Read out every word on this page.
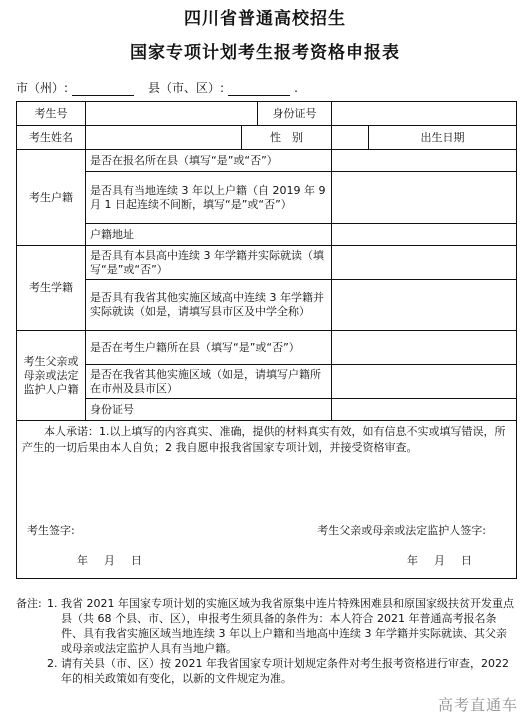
四川省普通高校招生
国家专项计划考生报考资格申报表
市（州）:	县（市、区）:	.
考生号			身份证号		
考生姓名		性　别			出生日期
考生户籍	是否在报名所在县（填写“是”或“否”）				
	是否具有当地连续 3 年以上户籍（自 2019 年 9 月 1 日起连续不间断，填写“是”或“否”）				
	户籍地址				
考生学籍	是否具有本县高中连续 3 年学籍并实际就读（填写“是”或“否”）				
	是否具有我省其他实施区域高中连续 3 年学籍并实际就读（如是，请填写县市区及中学全称）				
考生父亲或母亲或法定监护人户籍	是否在考生户籍所在县（填写“是”或“否”）				
	是否在我省其他实施区域（如是，请填写户籍所在市州及县市区）				
	身份证号				

本人承诺：1.以上填写的内容真实、准确，提供的材料真实有效，如有信息不实或填写错误，所产生的一切后果由本人自负；2 我自愿申报我省国家专项计划，并接受资格审查。
考生签字: 考生父亲或母亲或法定监护人签字:
年 月 日 年 月 日					
备注: 1. 我省 2021 年国家专项计划的实施区域为我省原集中连片特殊困难县和原国家级扶贫开发重点县（共 68 个县、市、区），申报考生须具备的条件为：本人符合 2021 年普通高考报名条件、具有我省实施区域当地连续 3 年以上户籍和当地高中连续 3 年学籍并实际就读、其父亲或母亲或法定监护人具有当地户籍。
2. 请有关县（市、区）按 2021 年我省国家专项计划规定条件对考生报考资格进行审查，2022 年的相关政策如有变化，以新的文件规定为准。
高考直通车
